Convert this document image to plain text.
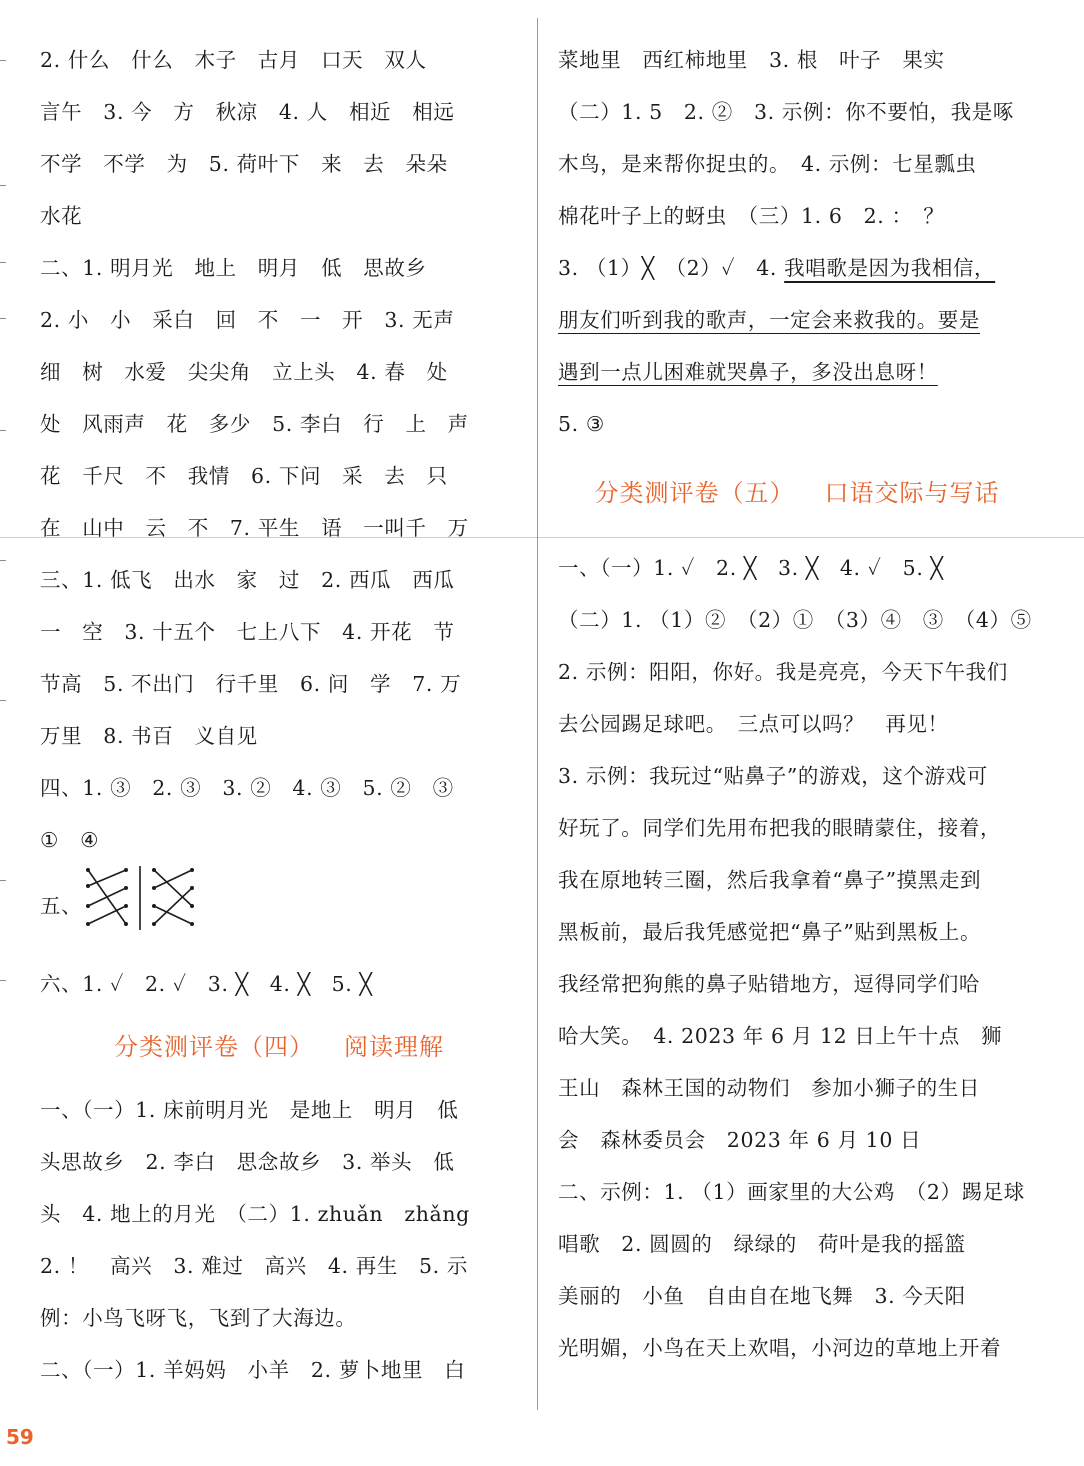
2. 什么　什么　木子　古月　口天　双人
言午　3. 今　方　秋凉　4. 人　相近　相远
不学　不学　为　5. 荷叶下　来　去　朵朵
水花
二、1. 明月光　地上　明月　低　思故乡
2. 小　小　采白　回　不　一　开　3. 无声
细　树　水爱　尖尖角　立上头　4. 春　处
处　风雨声　花　多少　5. 李白　行　上　声
花　千尺　不　我情　6. 下问　采　去　只
在　山中　云　不　7. 平生　语　一叫千　万
三、1. 低飞　出水　家　过　2. 西瓜　西瓜
一　空　3. 十五个　七上八下　4. 开花　节
节高　5. 不出门　行千里　6. 问　学　7. 万
万里　8. 书百　义自见
四、1. ③　2. ③　3. ②　4. ③　5. ②　③
①　④
五、
六、1. ✓　2. ✓　3. ╳　4. ╳　5. ╳
分类测评卷（四） 阅读理解
一、（一）1. 床前明月光　是地上　明月　低
头思故乡　2. 李白　思念故乡　3. 举头　低
头　4. 地上的月光　（二）1. zhuǎn　zhǎng
2. ！　高兴　3. 难过　高兴　4. 再生　5. 示
例：小鸟飞呀飞，飞到了大海边。
二、（一）1. 羊妈妈　小羊　2. 萝卜地里　白
菜地里　西红柿地里　3. 根　叶子　果实
（二）1. 5　2. ②　3. 示例：你不要怕，我是啄
木鸟，是来帮你捉虫的。　4. 示例：七星瓢虫
棉花叶子上的蚜虫　（三）1. 6　2. ：　？
3. （1）╳　（2）✓　4. 我唱歌是因为我相信，
朋友们听到我的歌声，一定会来救我的。要是
遇到一点儿困难就哭鼻子，多没出息呀！
5. ③
分类测评卷（五） 口语交际与写话
一、（一）1. ✓　2. ╳　3. ╳　4. ✓　5. ╳
（二）1. （1）②　（2）①　（3）④　③　（4）⑤
2. 示例：阳阳，你好。我是亮亮，今天下午我们
去公园踢足球吧。　三点可以吗？　再见！
3. 示例：我玩过“贴鼻子”的游戏，这个游戏可
好玩了。同学们先用布把我的眼睛蒙住，接着，
我在原地转三圈，然后我拿着“鼻子”摸黑走到
黑板前，最后我凭感觉把“鼻子”贴到黑板上。
我经常把狗熊的鼻子贴错地方，逗得同学们哈
哈大笑。　4. 2023 年 6 月 12 日上午十点　狮
王山　森林王国的动物们　参加小狮子的生日
会　森林委员会　2023 年 6 月 10 日
二、示例：1. （1）画家里的大公鸡　（2）踢足球
唱歌　2. 圆圆的　绿绿的　荷叶是我的摇篮
美丽的　小鱼　自由自在地飞舞　3. 今天阳
光明媚，小鸟在天上欢唱，小河边的草地上开着
59
